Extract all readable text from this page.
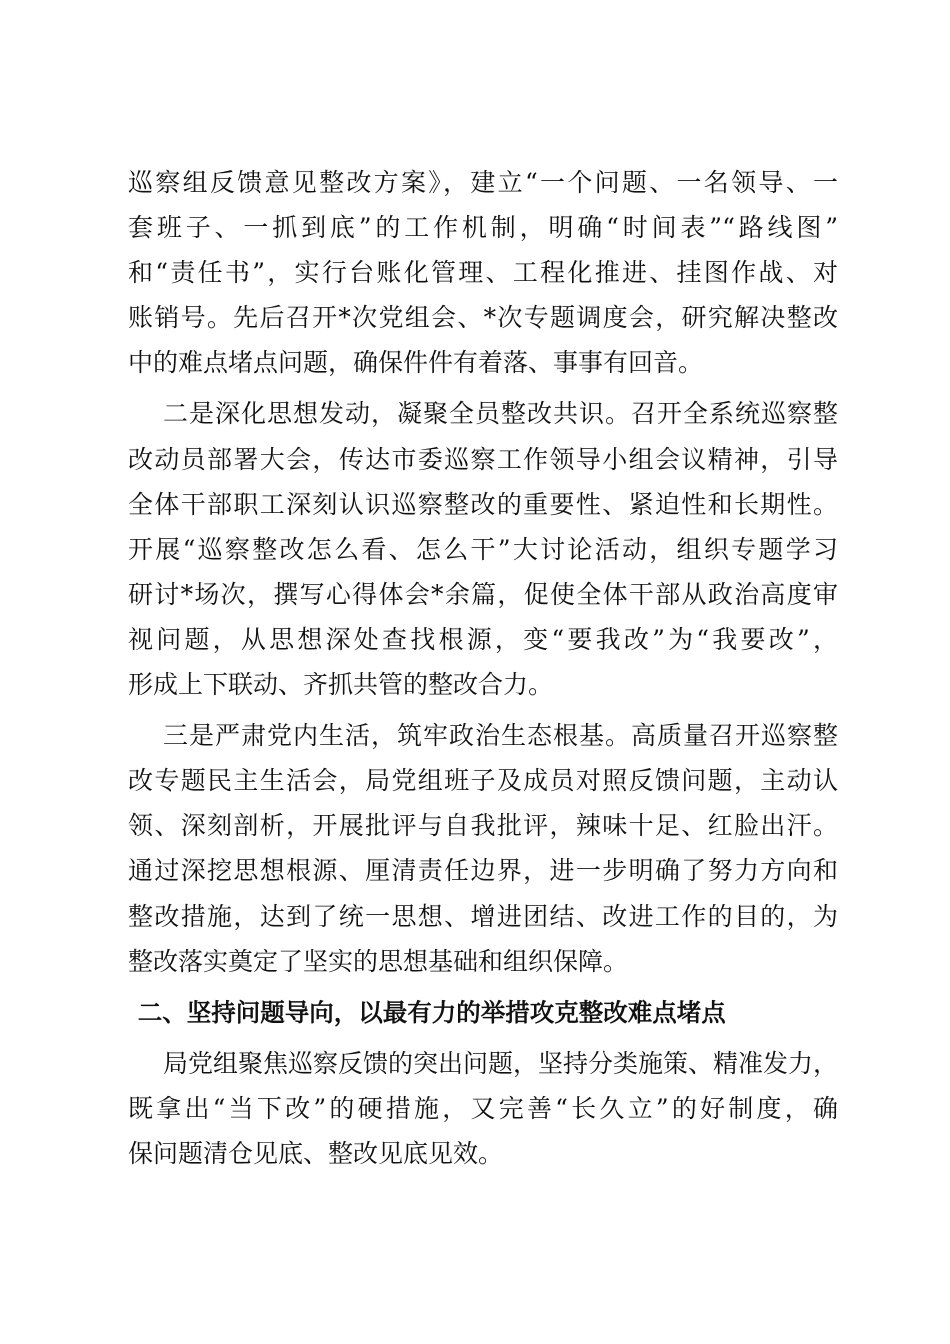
巡察组反馈意见整改方案》，建立“一个问题、一名领导、一
套班子、一抓到底”的工作机制，明确“时间表”“路线图”
和“责任书”，实行台账化管理、工程化推进、挂图作战、对
账销号。先后召开*次党组会、*次专题调度会，研究解决整改
中的难点堵点问题，确保件件有着落、事事有回音。
二是深化思想发动，凝聚全员整改共识。召开全系统巡察整
改动员部署大会，传达市委巡察工作领导小组会议精神，引导
全体干部职工深刻认识巡察整改的重要性、紧迫性和长期性。
开展“巡察整改怎么看、怎么干”大讨论活动，组织专题学习
研讨*场次，撰写心得体会*余篇，促使全体干部从政治高度审
视问题，从思想深处查找根源，变“要我改”为“我要改”，
形成上下联动、齐抓共管的整改合力。
三是严肃党内生活，筑牢政治生态根基。高质量召开巡察整
改专题民主生活会，局党组班子及成员对照反馈问题，主动认
领、深刻剖析，开展批评与自我批评，辣味十足、红脸出汗。
通过深挖思想根源、厘清责任边界，进一步明确了努力方向和
整改措施，达到了统一思想、增进团结、改进工作的目的，为
整改落实奠定了坚实的思想基础和组织保障。
二、坚持问题导向，以最有力的举措攻克整改难点堵点
局党组聚焦巡察反馈的突出问题，坚持分类施策、精准发力，
既拿出“当下改”的硬措施，又完善“长久立”的好制度，确
保问题清仓见底、整改见底见效。
